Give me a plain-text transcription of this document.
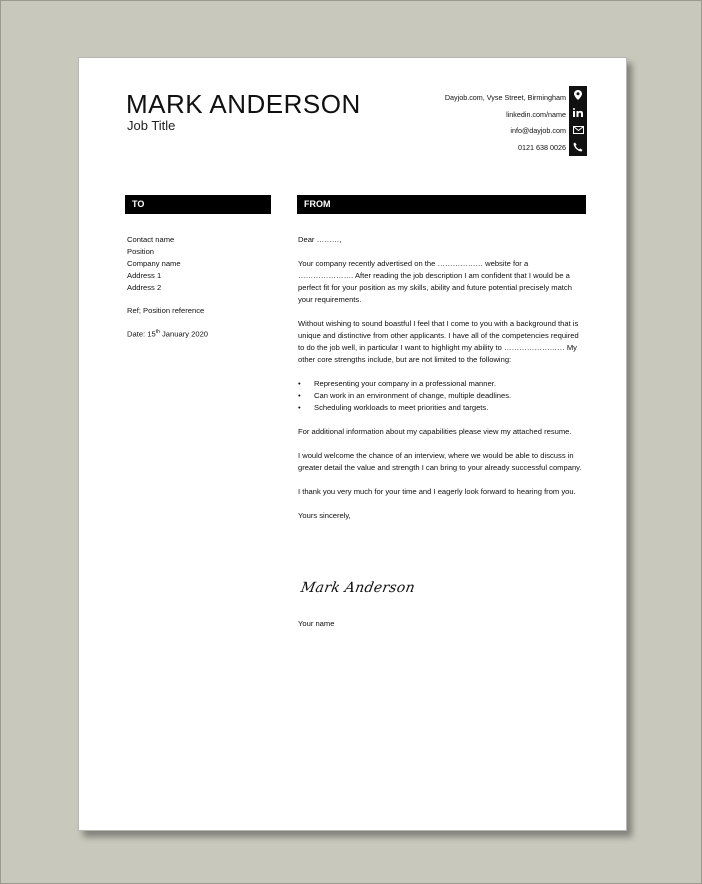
MARK ANDERSON
Job Title
Dayjob.com, Vyse Street, Birmingham
linkedin.com/name
info@dayjob.com
0121 638 0026
TO	FROM
Contact name
Position
Company name
Address 1
Address 2
Ref; Position reference
Date: 15th January 2020

Dear ………,

Your company recently advertised on the ……………… website for a …………………. After reading the job description I am confident that I would be a perfect fit for your position as my skills, ability and future potential precisely match your requirements.

Without wishing to sound boastful I feel that I come to you with a background that is unique and distinctive from other applicants. I have all of the competencies required to do the job well, in particular I want to highlight my ability to …………………… My other core strengths include, but are not limited to the following:

• Representing your company in a professional manner.
• Can work in an environment of change, multiple deadlines.
• Scheduling workloads to meet priorities and targets.

For additional information about my capabilities please view my attached resume.

I would welcome the chance of an interview, where we would be able to discuss in greater detail the value and strength I can bring to your already successful company.

I thank you very much for your time and I eagerly look forward to hearing from you.

Yours sincerely,

Mark Anderson
Your name
